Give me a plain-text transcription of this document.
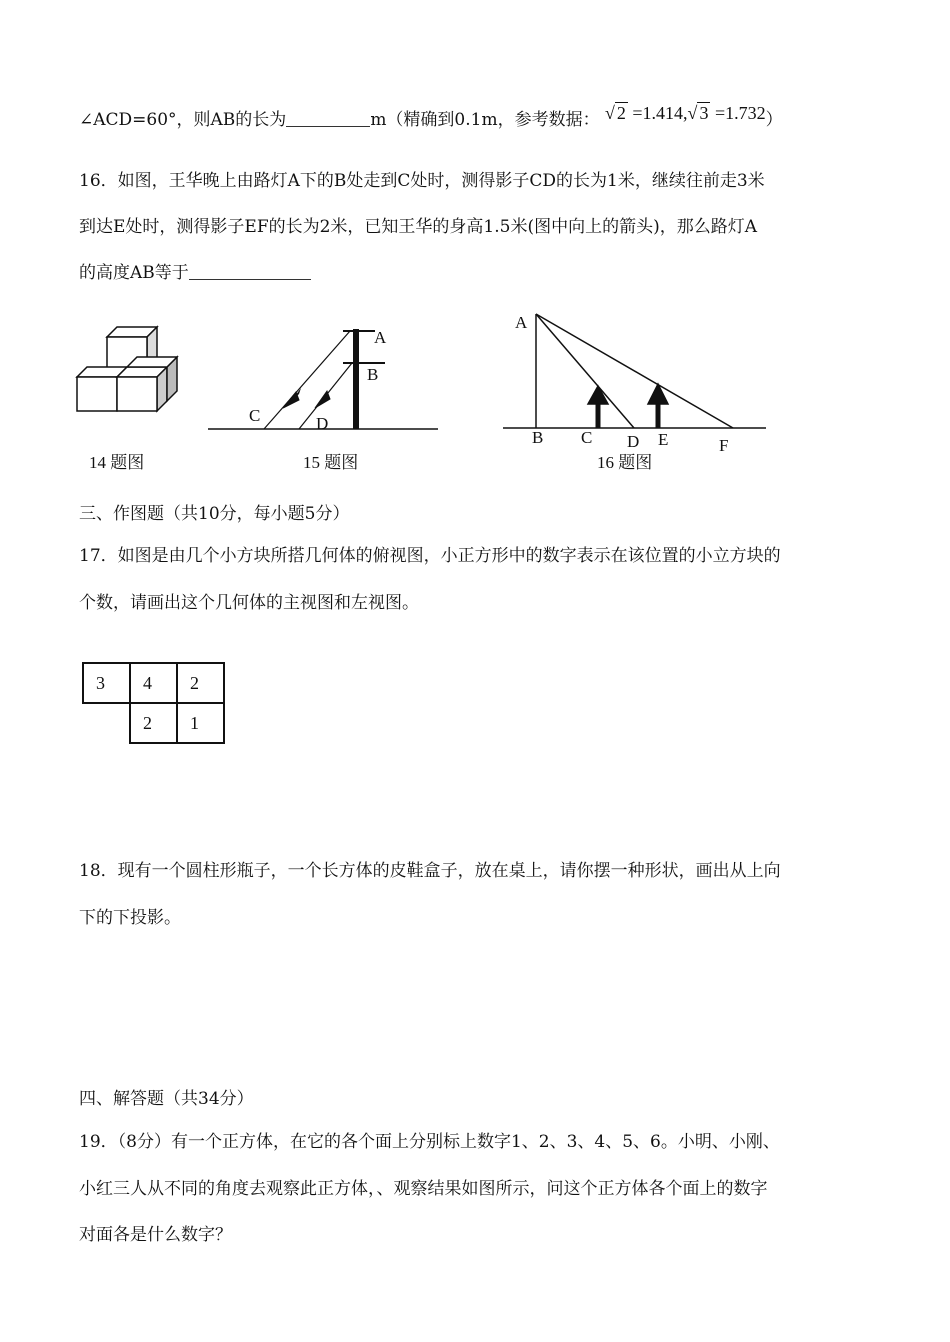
∠ACD=60°，则AB的长为	m（精确到0.1m，参考数据： √ 2 =1.414,√ 3 =1.732）
16．如图，王华晚上由路灯A下的B处走到C处时，测得影子CD的长为1米，继续往前走3米
到达E处时，测得影子EF的长为2米，已知王华的身高1.5米(图中向上的箭头)，那么路灯A
的高度AB等于
14 题图
A
B
C	D
15 题图
A
B C D E	F
16 题图
三、作图题（共10分，每小题5分）
17．如图是由几个小方块所搭几何体的俯视图，小正方形中的数字表示在该位置的小立方块的
个数，请画出这个几何体的主视图和左视图。
3	4	2
	2	1
18．现有一个圆柱形瓶子，一个长方体的皮鞋盒子，放在桌上，请你摆一种形状，画出从上向
下的下投影。
四、解答题（共34分）
19．（8分）有一个正方体，在它的各个面上分别标上数字1、2、3、4、5、6。小明、小刚、
小红三人从不同的角度去观察此正方体，、观察结果如图所示，问这个正方体各个面上的数字
对面各是什么数字？
